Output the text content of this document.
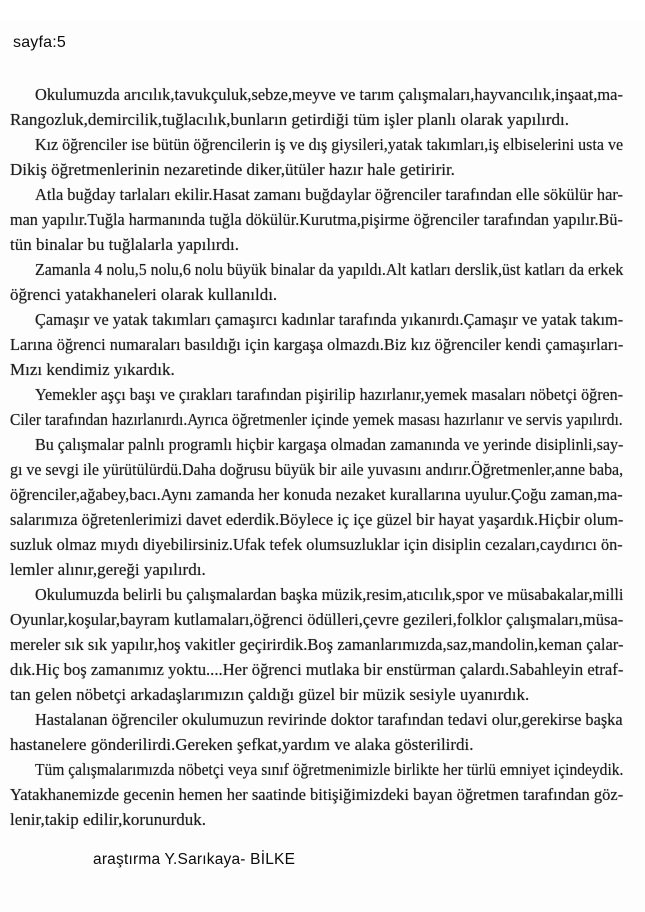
sayfa:5
Okulumuzda arıcılık,tavukçuluk,sebze,meyve ve tarım çalışmaları,hayvancılık,inşaat,ma-
Rangozluk,demircilik,tuğlacılık,bunların getirdiği tüm işler planlı olarak yapılırdı.
Kız öğrenciler ise bütün öğrencilerin iş ve dış giysileri,yatak takımları,iş elbiselerini usta ve
Dikiş öğretmenlerinin nezaretinde diker,ütüler hazır hale getiririr.
Atla buğday tarlaları ekilir.Hasat zamanı buğdaylar öğrenciler tarafından elle sökülür har-
man yapılır.Tuğla harmanında tuğla dökülür.Kurutma,pişirme öğrenciler tarafından yapılır.Bü-
tün binalar bu tuğlalarla yapılırdı.
Zamanla 4 nolu,5 nolu,6 nolu büyük binalar da yapıldı.Alt katları derslik,üst katları da erkek
öğrenci yatakhaneleri olarak kullanıldı.
Çamaşır ve yatak takımları çamaşırcı kadınlar tarafında yıkanırdı.Çamaşır ve yatak takım-
Larına öğrenci numaraları basıldığı için kargaşa olmazdı.Biz kız öğrenciler kendi çamaşırları-
Mızı kendimiz yıkardık.
Yemekler aşçı başı ve çırakları tarafından pişirilip hazırlanır,yemek masaları nöbetçi öğren-
Ciler tarafından hazırlanırdı.Ayrıca öğretmenler içinde yemek masası hazırlanır ve servis yapılırdı.
Bu çalışmalar palnlı programlı hiçbir kargaşa olmadan zamanında ve yerinde disiplinli,say-
gı ve sevgi ile yürütülürdü.Daha doğrusu büyük bir aile yuvasını andırır.Öğretmenler,anne baba,
öğrenciler,ağabey,bacı.Aynı zamanda her konuda nezaket kurallarına uyulur.Çoğu zaman,ma-
salarımıza öğretenlerimizi davet ederdik.Böylece iç içe güzel bir hayat yaşardık.Hiçbir olum-
suzluk olmaz mıydı diyebilirsiniz.Ufak tefek olumsuzluklar için disiplin cezaları,caydırıcı ön-
lemler alınır,gereği yapılırdı.
Okulumuzda belirli bu çalışmalardan başka müzik,resim,atıcılık,spor ve müsabakalar,milli
Oyunlar,koşular,bayram kutlamaları,öğrenci ödülleri,çevre gezileri,folklor çalışmaları,müsa-
mereler sık sık yapılır,hoş vakitler geçirirdik.Boş zamanlarımızda,saz,mandolin,keman çalar-
dık.Hiç boş zamanımız yoktu....Her öğrenci mutlaka bir enstürman çalardı.Sabahleyin etraf-
tan gelen nöbetçi arkadaşlarımızın çaldığı güzel bir müzik sesiyle uyanırdık.
Hastalanan öğrenciler okulumuzun revirinde doktor tarafından tedavi olur,gerekirse başka
hastanelere gönderilirdi.Gereken şefkat,yardım ve alaka gösterilirdi.
Tüm çalışmalarımızda nöbetçi veya sınıf öğretmenimizle birlikte her türlü emniyet içindeydik.
Yatakhanemizde gecenin hemen her saatinde bitişiğimizdeki bayan öğretmen tarafından göz-
lenir,takip edilir,korunurduk.
araştırma Y.Sarıkaya- BİLKE
